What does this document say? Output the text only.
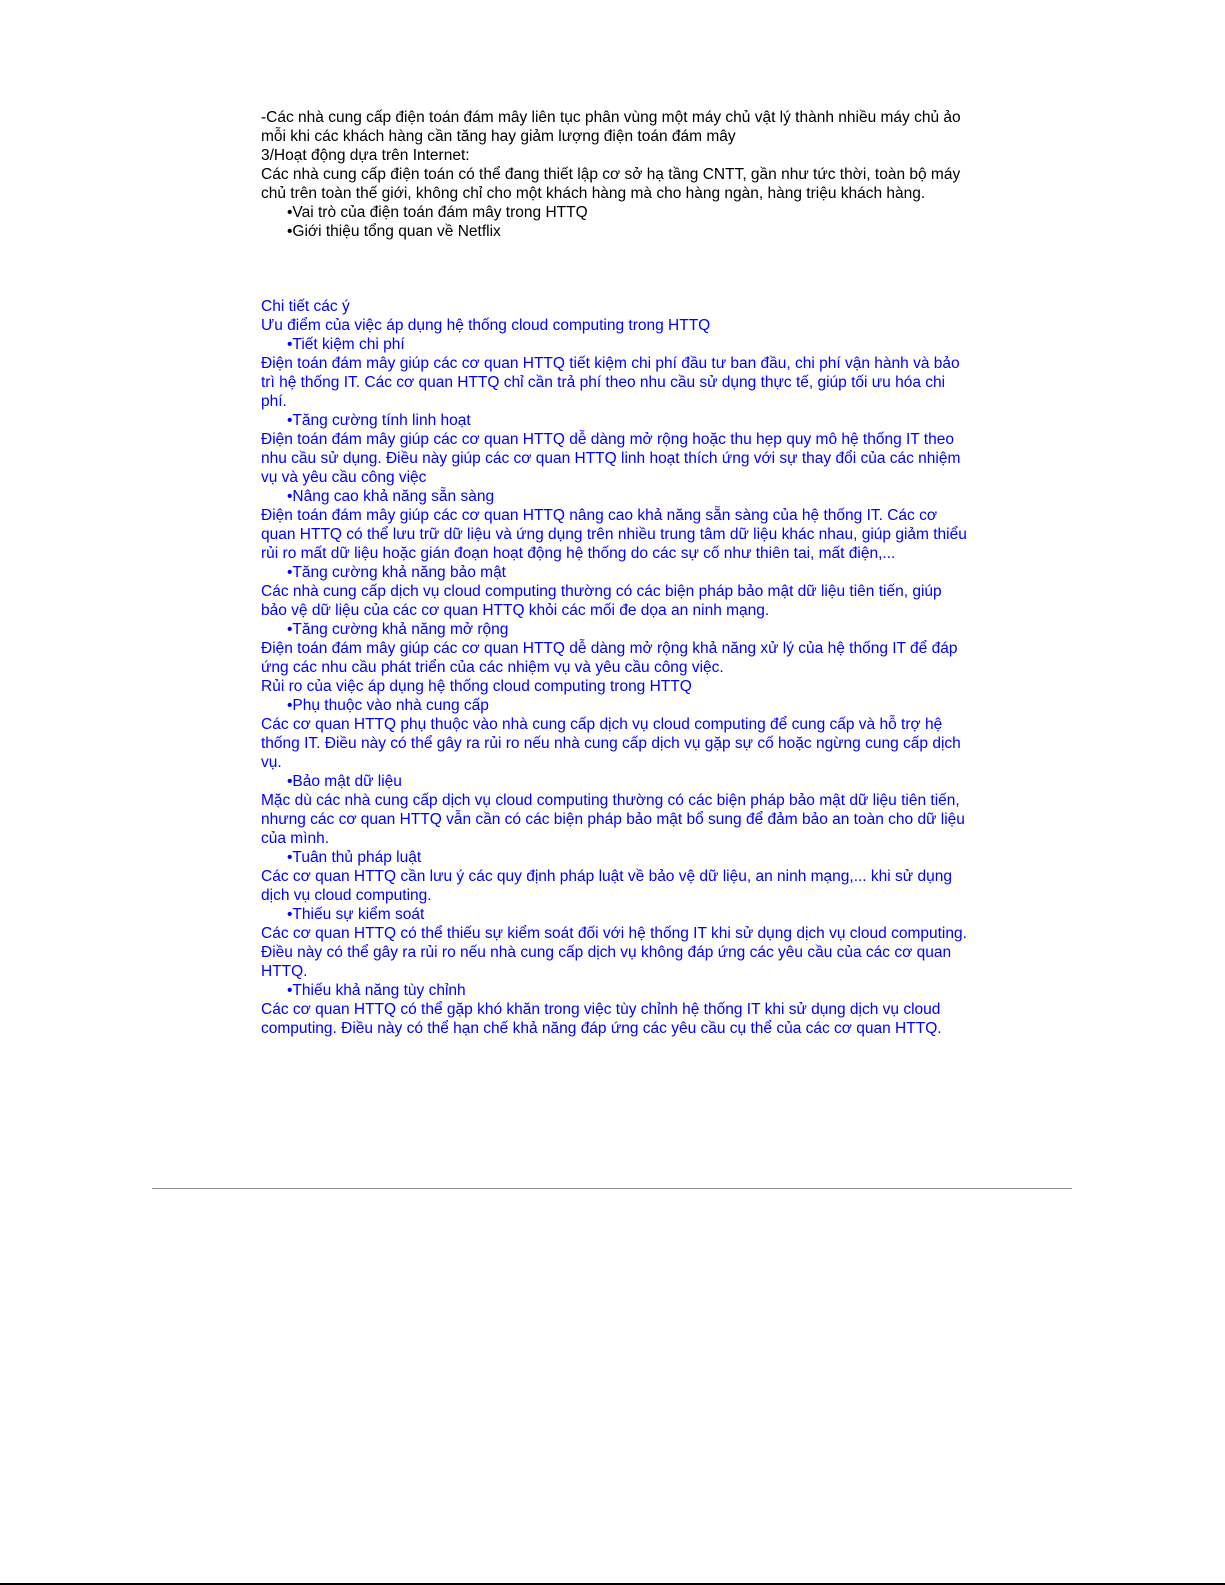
-Các nhà cung cấp điện toán đám mây liên tục phân vùng một máy chủ vật lý thành nhiều máy chủ ảo mỗi khi các khách hàng cần tăng hay giảm lượng điện toán đám mây

3/Hoạt động dựa trên Internet:

Các nhà cung cấp điện toán có thể đang thiết lập cơ sở hạ tầng CNTT, gần như tức thời, toàn bộ máy chủ trên toàn thế giới, không chỉ cho một khách hàng mà cho hàng ngàn, hàng triệu khách hàng.

•Vai trò của điện toán đám mây trong HTTQ

•Giới thiệu tổng quan về Netflix

Chi tiết các ý

Ưu điểm của việc áp dụng hệ thống cloud computing trong HTTQ

•Tiết kiệm chi phí

Điện toán đám mây giúp các cơ quan HTTQ tiết kiệm chi phí đầu tư ban đầu, chi phí vận hành và bảo trì hệ thống IT. Các cơ quan HTTQ chỉ cần trả phí theo nhu cầu sử dụng thực tế, giúp tối ưu hóa chi phí.

•Tăng cường tính linh hoạt

Điện toán đám mây giúp các cơ quan HTTQ dễ dàng mở rộng hoặc thu hẹp quy mô hệ thống IT theo nhu cầu sử dụng. Điều này giúp các cơ quan HTTQ linh hoạt thích ứng với sự thay đổi của các nhiệm vụ và yêu cầu công việc

•Nâng cao khả năng sẵn sàng

Điện toán đám mây giúp các cơ quan HTTQ nâng cao khả năng sẵn sàng của hệ thống IT. Các cơ quan HTTQ có thể lưu trữ dữ liệu và ứng dụng trên nhiều trung tâm dữ liệu khác nhau, giúp giảm thiểu rủi ro mất dữ liệu hoặc gián đoạn hoạt động hệ thống do các sự cố như thiên tai, mất điện,...

•Tăng cường khả năng bảo mật

Các nhà cung cấp dịch vụ cloud computing thường có các biện pháp bảo mật dữ liệu tiên tiến, giúp bảo vệ dữ liệu của các cơ quan HTTQ khỏi các mối đe dọa an ninh mạng.

•Tăng cường khả năng mở rộng

Điện toán đám mây giúp các cơ quan HTTQ dễ dàng mở rộng khả năng xử lý của hệ thống IT để đáp ứng các nhu cầu phát triển của các nhiệm vụ và yêu cầu công việc.

Rủi ro của việc áp dụng hệ thống cloud computing trong HTTQ

•Phụ thuộc vào nhà cung cấp

Các cơ quan HTTQ phụ thuộc vào nhà cung cấp dịch vụ cloud computing để cung cấp và hỗ trợ hệ thống IT. Điều này có thể gây ra rủi ro nếu nhà cung cấp dịch vụ gặp sự cố hoặc ngừng cung cấp dịch vụ.

•Bảo mật dữ liệu

Mặc dù các nhà cung cấp dịch vụ cloud computing thường có các biện pháp bảo mật dữ liệu tiên tiến, nhưng các cơ quan HTTQ vẫn cần có các biện pháp bảo mật bổ sung để đảm bảo an toàn cho dữ liệu của mình.

•Tuân thủ pháp luật

Các cơ quan HTTQ cần lưu ý các quy định pháp luật về bảo vệ dữ liệu, an ninh mạng,... khi sử dụng dịch vụ cloud computing.

•Thiếu sự kiểm soát

Các cơ quan HTTQ có thể thiếu sự kiểm soát đối với hệ thống IT khi sử dụng dịch vụ cloud computing. Điều này có thể gây ra rủi ro nếu nhà cung cấp dịch vụ không đáp ứng các yêu cầu của các cơ quan HTTQ.

•Thiếu khả năng tùy chỉnh

Các cơ quan HTTQ có thể gặp khó khăn trong việc tùy chỉnh hệ thống IT khi sử dụng dịch vụ cloud computing. Điều này có thể hạn chế khả năng đáp ứng các yêu cầu cụ thể của các cơ quan HTTQ.
